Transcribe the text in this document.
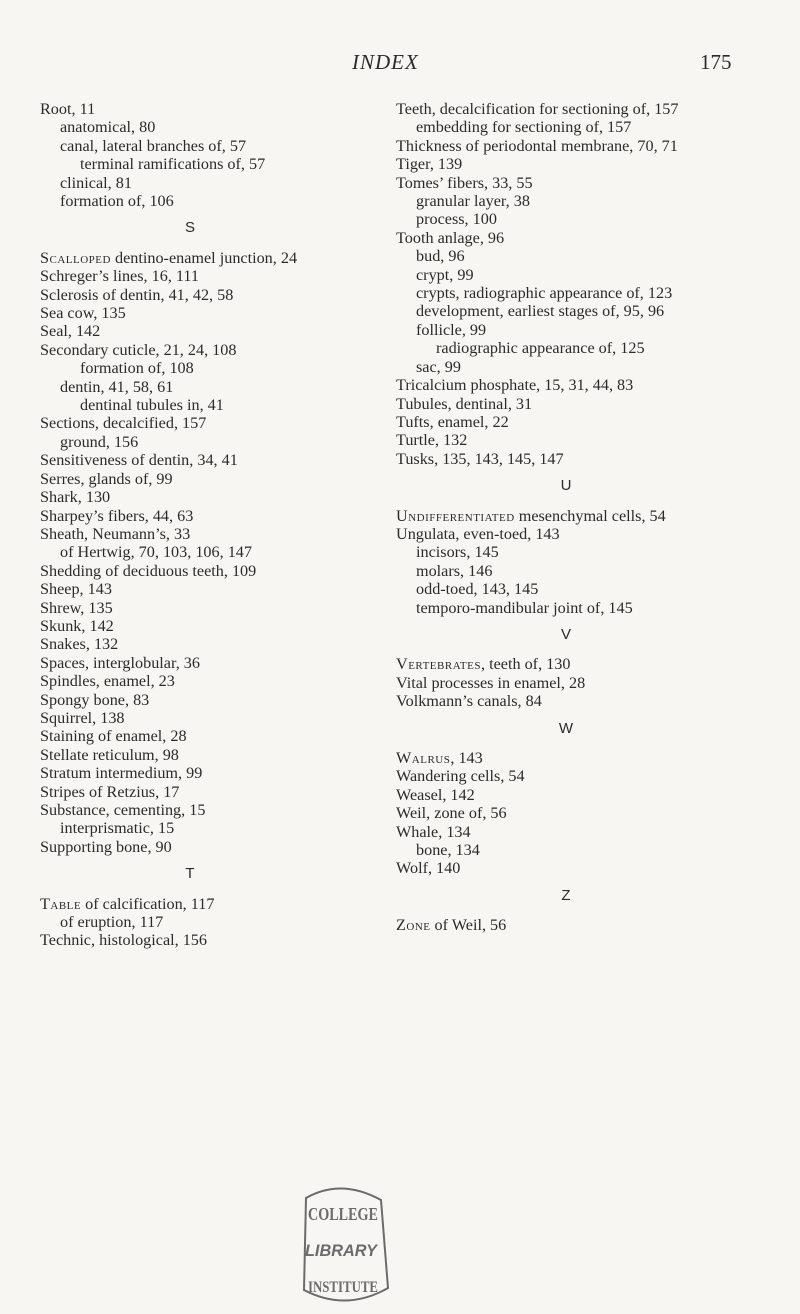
INDEX	175
Root, 11
anatomical, 80
canal, lateral branches of, 57
terminal ramifications of, 57
clinical, 81
formation of, 106
S
Scalloped dentino-enamel junction, 24
Schreger’s lines, 16, 111
Sclerosis of dentin, 41, 42, 58
Sea cow, 135
Seal, 142
Secondary cuticle, 21, 24, 108
formation of, 108
dentin, 41, 58, 61
dentinal tubules in, 41
Sections, decalcified, 157
ground, 156
Sensitiveness of dentin, 34, 41
Serres, glands of, 99
Shark, 130
Sharpey’s fibers, 44, 63
Sheath, Neumann’s, 33
of Hertwig, 70, 103, 106, 147
Shedding of deciduous teeth, 109
Sheep, 143
Shrew, 135
Skunk, 142
Snakes, 132
Spaces, interglobular, 36
Spindles, enamel, 23
Spongy bone, 83
Squirrel, 138
Staining of enamel, 28
Stellate reticulum, 98
Stratum intermedium, 99
Stripes of Retzius, 17
Substance, cementing, 15
interprismatic, 15
Supporting bone, 90
T
Table of calcification, 117
of eruption, 117
Technic, histological, 156
Teeth, decalcification for sectioning of, 157
embedding for sectioning of, 157
Thickness of periodontal membrane, 70, 71
Tiger, 139
Tomes’ fibers, 33, 55
granular layer, 38
process, 100
Tooth anlage, 96
bud, 96
crypt, 99
crypts, radiographic appearance of, 123
development, earliest stages of, 95, 96
follicle, 99
radiographic appearance of, 125
sac, 99
Tricalcium phosphate, 15, 31, 44, 83
Tubules, dentinal, 31
Tufts, enamel, 22
Turtle, 132
Tusks, 135, 143, 145, 147
U
Undifferentiated mesenchymal cells, 54
Ungulata, even-toed, 143
incisors, 145
molars, 146
odd-toed, 143, 145
temporo-mandibular joint of, 145
V
Vertebrates, teeth of, 130
Vital processes in enamel, 28
Volkmann’s canals, 84
W
Walrus, 143
Wandering cells, 54
Weasel, 142
Weil, zone of, 56
Whale, 134
bone, 134
Wolf, 140
Z
Zone of Weil, 56
COLLEGE
LIBRARY
INSTITUTE
